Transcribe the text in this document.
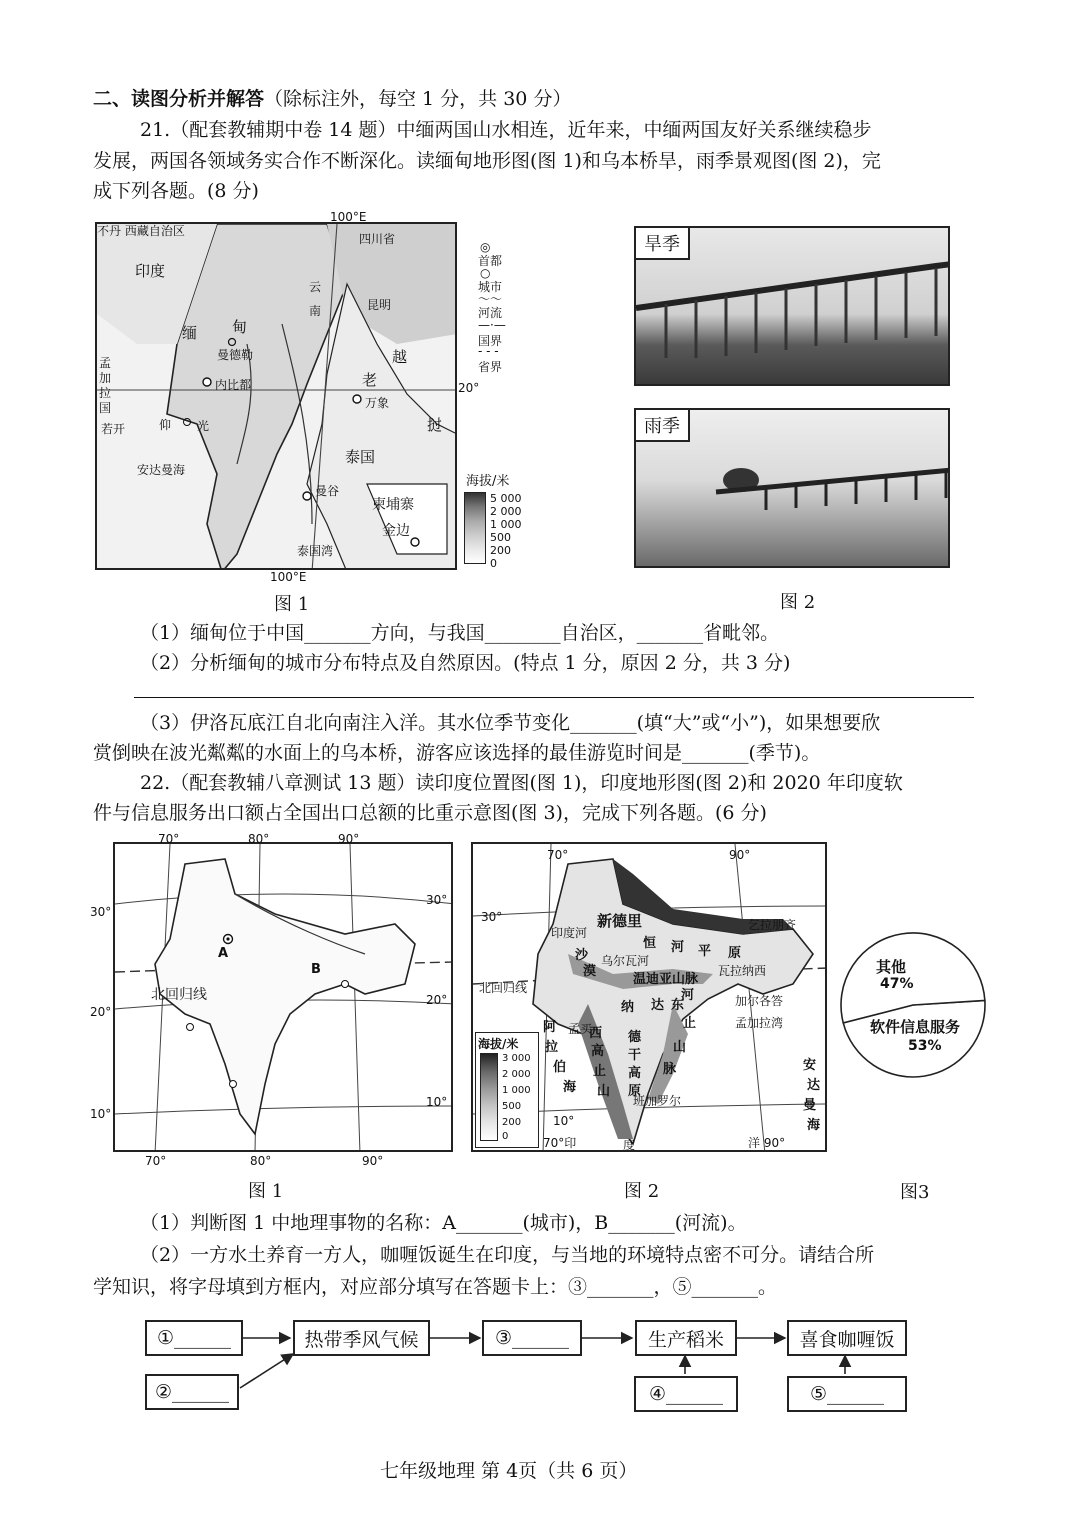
二、读图分析并解答（除标注外，每空 1 分，共 30 分）
21.（配套教辅期中卷 14 题）中缅两国山水相连，近年来，中缅两国友好关系继续稳步
发展，两国各领域务实合作不断深化。读缅甸地形图(图 1)和乌本桥旱，雨季景观图(图 2)，完
成下列各题。(8 分)
不丹 西藏自治区
印度
缅 甸
曼德勒
内比都
仰 光
孟
加
拉
国
若开
安达曼海
四川省
云
南	昆明
越
老
万象
挝
泰国
曼谷
柬埔寨
金边
泰国湾
100°E
100°E
20°
◎
首都
○
城市
〜〜
河流
—·—
国界
- - -
省界
海拔/米
5 000
2 000
1 000
500
200
0
旱季
雨季
图 1	图 2
（1）缅甸位于中国_______方向，与我国________自治区，_______省毗邻。
（2）分析缅甸的城市分布特点及自然原因。(特点 1 分，原因 2 分，共 3 分)
（3）伊洛瓦底江自北向南注入洋。其水位季节变化_______(填“大”或“小”)，如果想要欣
赏倒映在波光粼粼的水面上的乌本桥，游客应该选择的最佳游览时间是_______(季节)。
22.（配套教辅八章测试 13 题）读印度位置图(图 1)，印度地形图(图 2)和 2020 年印度软
件与信息服务出口额占全国出口总额的比重示意图(图 3)，完成下列各题。(6 分)
A
B
北回归线
70°	80°	90°
70°	80°	90°
30°
20°
10°
30°
20°
10°
新德里
恒 河 平 原
乞拉朋齐
印度河
沙
漠
乌尔瓦河
温迪亚山脉
瓦拉纳西
纳 达
河	加尔各答
孟加拉湾
阿
拉
伯
海
孟买
西
高
止
山
德
干
高
原
东
止
山
脉
班加罗尔
安
达
曼
海
70°印	度	洋 90°
北回归线
70°	90°
30°
10°
海拔/米
3 000
2 000
1 000
500
200
0
其他
47%
软件信息服务
53%
图 1	图 2	图3
（1）判断图 1 中地理事物的名称：A_______(城市)，B_______(河流)。
（2）一方水土养育一方人，咖喱饭诞生在印度，与当地的环境特点密不可分。请结合所
学知识，将字母填到方框内，对应部分填写在答题卡上：③_______，⑤_______。
①______
②______
热带季风气候	③______	生产稻米	喜食咖喱饭
④______	⑤______
七年级地理 第 4页（共 6 页）
